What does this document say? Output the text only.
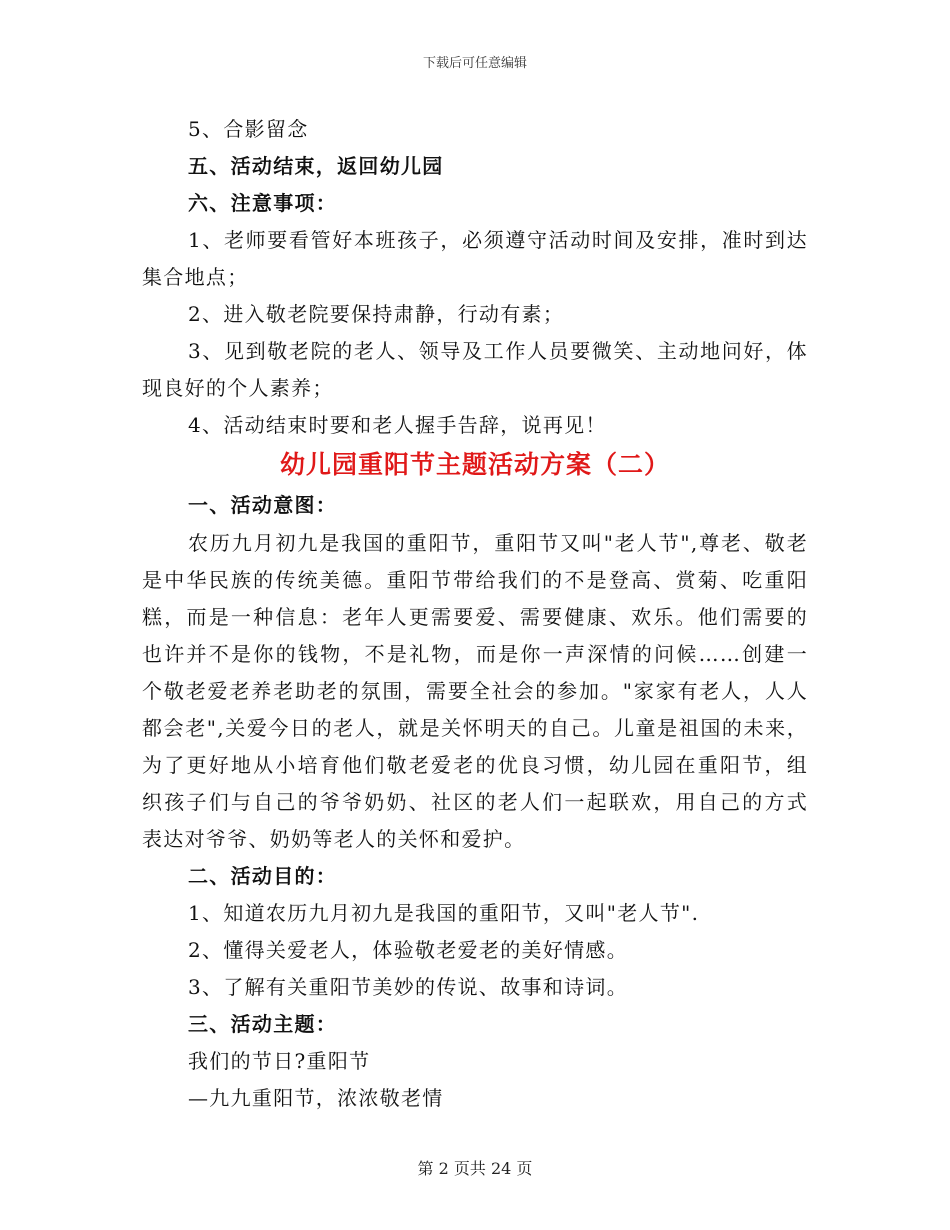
下载后可任意编辑
5、合影留念
五、活动结束，返回幼儿园
六、注意事项：
1、老师要看管好本班孩子，必须遵守活动时间及安排，准时到达
集合地点；
2、进入敬老院要保持肃静，行动有素；
3、见到敬老院的老人、领导及工作人员要微笑、主动地问好，体
现良好的个人素养；
4、活动结束时要和老人握手告辞，说再见！
幼儿园重阳节主题活动方案（二）
一、活动意图：
农历九月初九是我国的重阳节，重阳节又叫"老人节",尊老、敬老
是中华民族的传统美德。重阳节带给我们的不是登高、赏菊、吃重阳
糕，而是一种信息：老年人更需要爱、需要健康、欢乐。他们需要的
也许并不是你的钱物，不是礼物，而是你一声深情的问候……创建一
个敬老爱老养老助老的氛围，需要全社会的参加。"家家有老人，人人
都会老",关爱今日的老人，就是关怀明天的自己。儿童是祖国的未来，
为了更好地从小培育他们敬老爱老的优良习惯，幼儿园在重阳节，组
织孩子们与自己的爷爷奶奶、社区的老人们一起联欢，用自己的方式
表达对爷爷、奶奶等老人的关怀和爱护。
二、活动目的：
1、知道农历九月初九是我国的重阳节，又叫"老人节".
2、懂得关爱老人，体验敬老爱老的美好情感。
3、了解有关重阳节美妙的传说、故事和诗词。
三、活动主题：
我们的节日?重阳节
—九九重阳节，浓浓敬老情
第 2 页共 24 页
